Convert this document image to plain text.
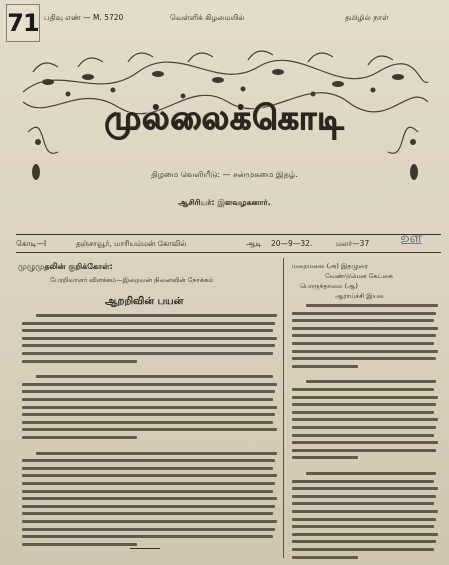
71 பதிவு எண் — M. 5720	வெள்ளிக் கிழமையில்	தமிழில் நாள்
முல்லைக்கொடி
திழமை வெளியீடு: — சன்முகமை இதழ்.
ஆசிரியர்: இளவழகனார்.
கொடி—I	தஞ்சாவூர், மாரியம்மன் கோவில்	ஆடி 20—9—32.	மலர்—37 ஊ
முழுமுதலின் குறிக்கோள்:
பேரறிவாளர் விளக்கம்—இறைவன் நினைவின் நோக்கம்
ஆறறிவின் பயன்
மறைமலை (அ) இதழுரை
வேண்டுமென கேட்கை
பொருந்தாமை (ஆ)
ஆராய்ச்சி இயல
